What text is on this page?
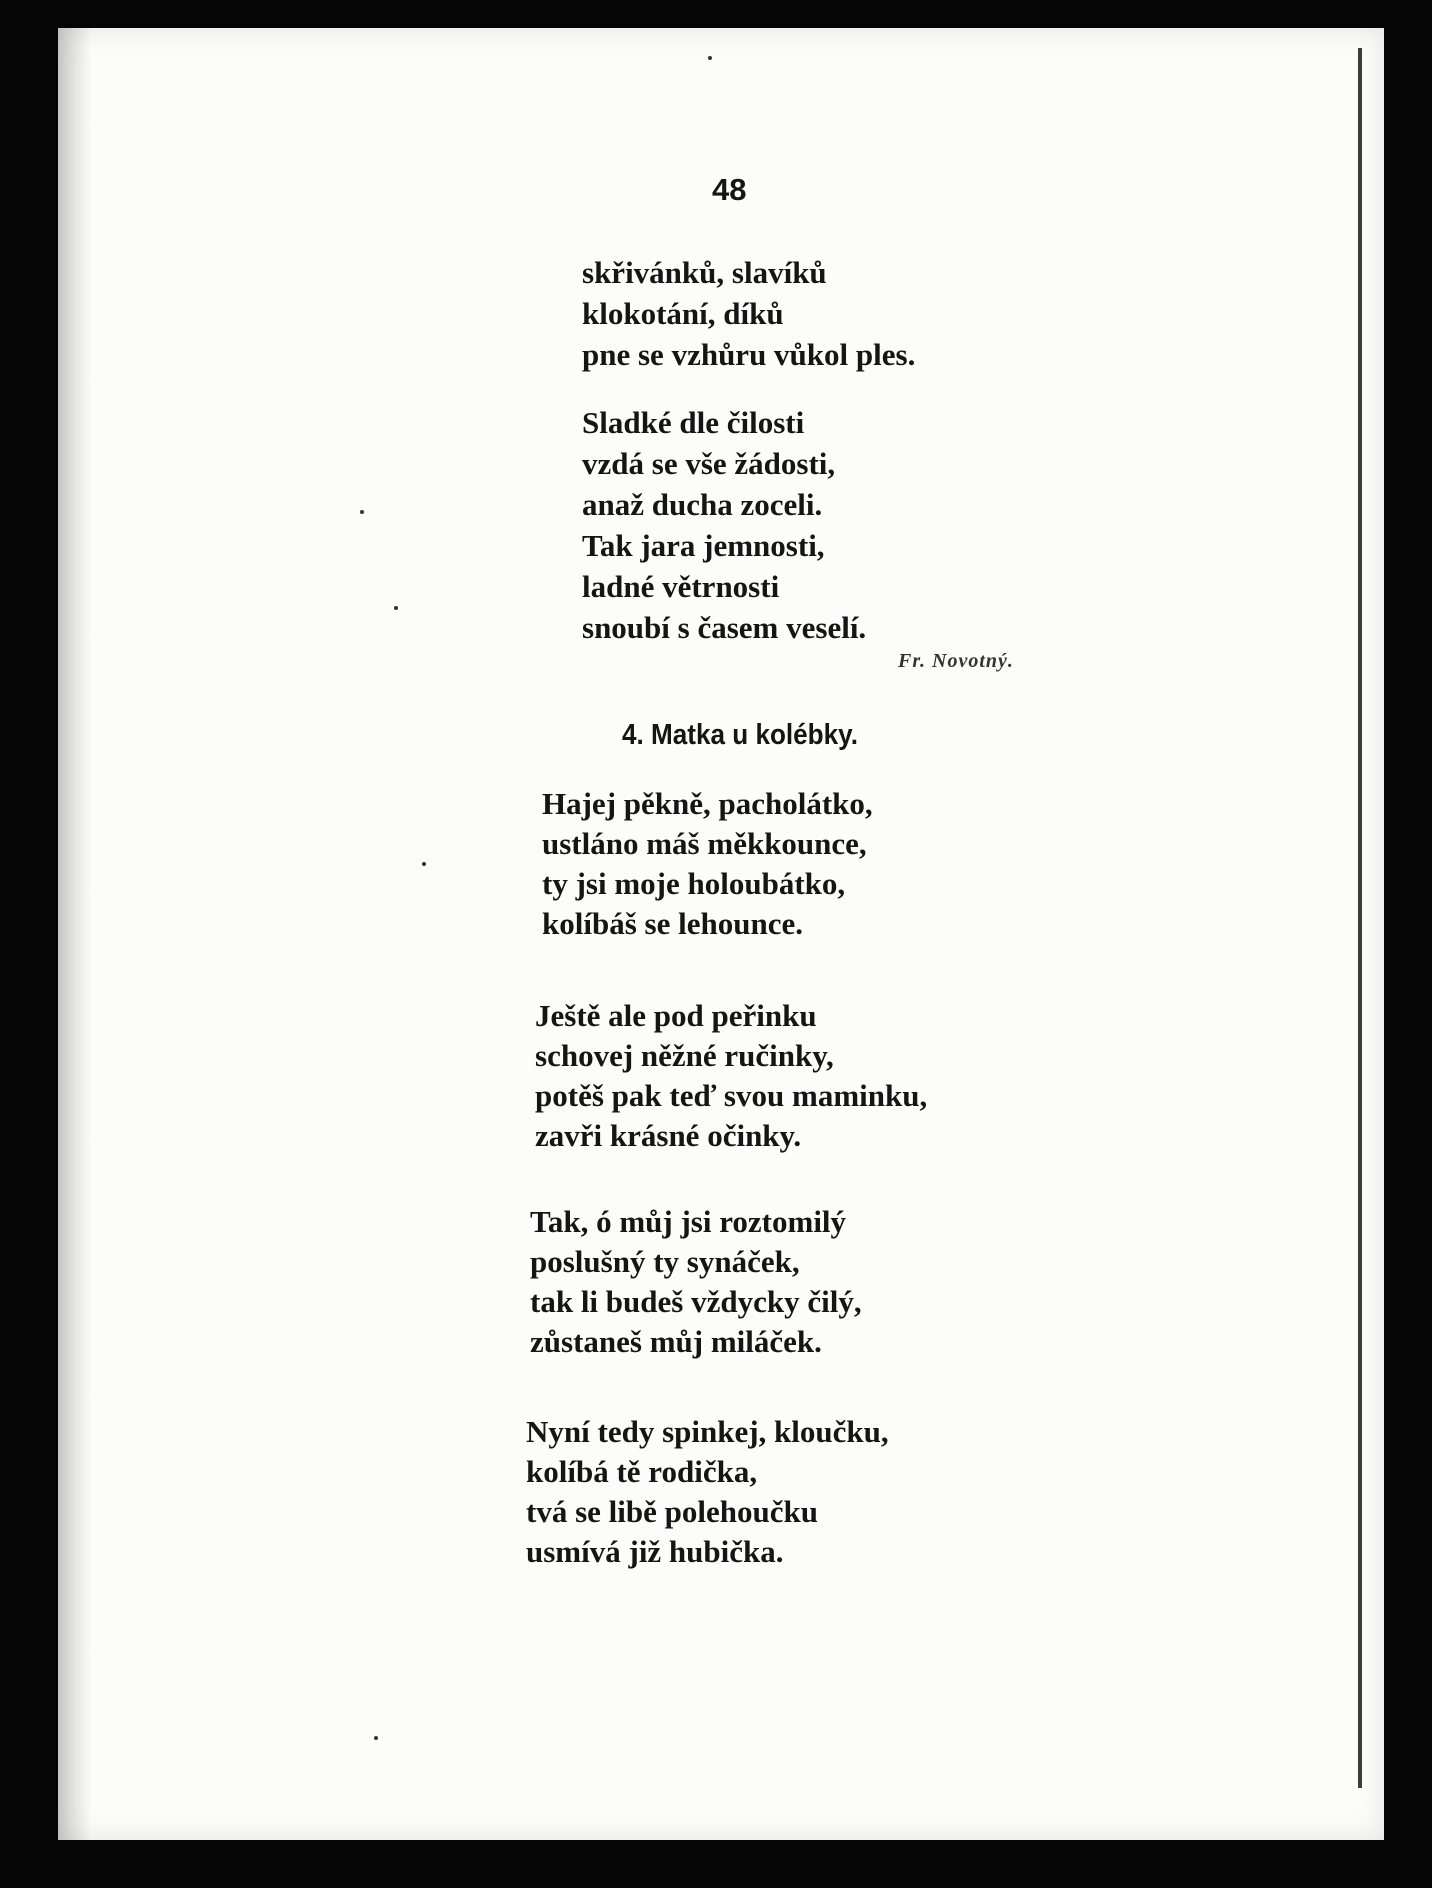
48
skřivánků, slavíků
klokotání, díků
pne se vzhůru vůkol ples.
Sladké dle čilosti
vzdá se vše žádosti,
anaž ducha zoceli.
Tak jara jemnosti,
ladné větrnosti
snoubí s časem veselí.
Fr. Novotný.
4. Matka u kolébky.
Hajej pěkně, pacholátko,
ustláno máš měkkounce,
ty jsi moje holoubátko,
kolíbáš se lehounce.
Ještě ale pod peřinku
schovej něžné ručinky,
potěš pak teď svou maminku,
zavři krásné očinky.
Tak, ó můj jsi roztomilý
poslušný ty synáček,
tak li budeš vždycky čilý,
zůstaneš můj miláček.
Nyní tedy spinkej, kloučku,
kolíbá tě rodička,
tvá se libě polehoučku
usmívá již hubička.
